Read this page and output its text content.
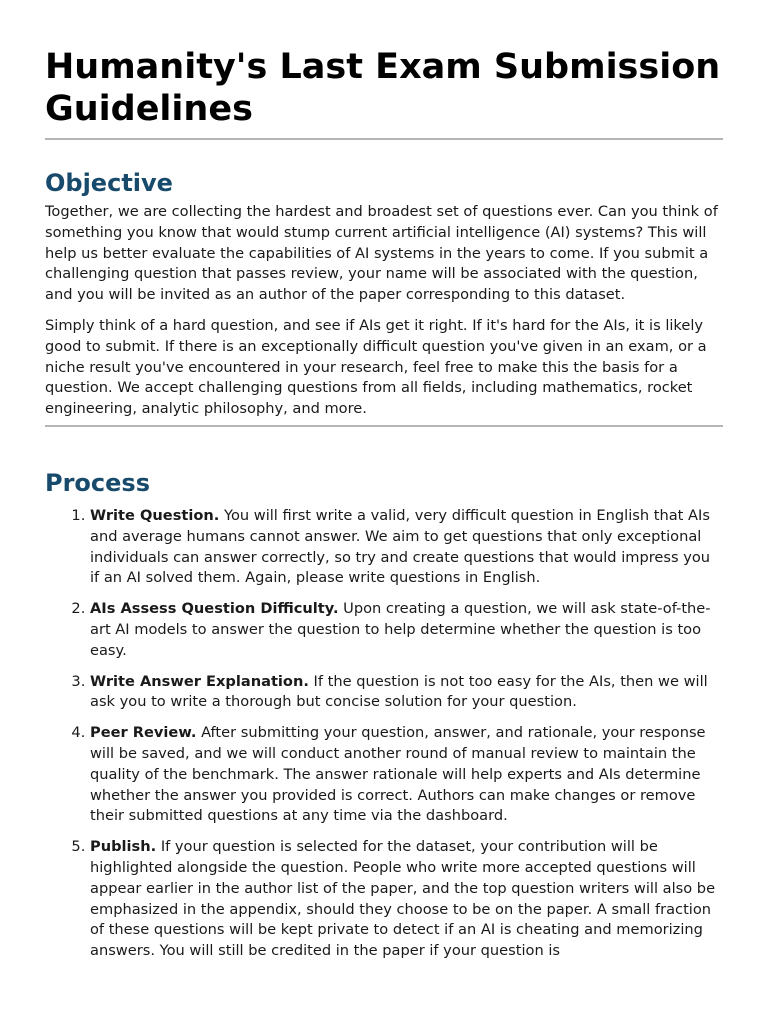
Humanity's Last Exam Submission Guidelines
Objective

Together, we are collecting the hardest and broadest set of questions ever. Can you think of something you know that would stump current artificial intelligence (AI) systems? This will help us better evaluate the capabilities of AI systems in the years to come. If you submit a challenging question that passes review, your name will be associated with the question, and you will be invited as an author of the paper corresponding to this dataset.

Simply think of a hard question, and see if AIs get it right. If it's hard for the AIs, it is likely good to submit. If there is an exceptionally difficult question you've given in an exam, or a niche result you've encountered in your research, feel free to make this the basis for a question. We accept challenging questions from all fields, including mathematics, rocket engineering, analytic philosophy, and more.

Process
1. Write Question. You will first write a valid, very difficult question in English that AIs and average humans cannot answer. We aim to get questions that only exceptional individuals can answer correctly, so try and create questions that would impress you if an AI solved them. Again, please write questions in English.
2. AIs Assess Question Difficulty. Upon creating a question, we will ask state-of-the-art AI models to answer the question to help determine whether the question is too easy.
3. Write Answer Explanation. If the question is not too easy for the AIs, then we will ask you to write a thorough but concise solution for your question.
4. Peer Review. After submitting your question, answer, and rationale, your response will be saved, and we will conduct another round of manual review to maintain the quality of the benchmark. The answer rationale will help experts and AIs determine whether the answer you provided is correct. Authors can make changes or remove their submitted questions at any time via the dashboard.
5. Publish. If your question is selected for the dataset, your contribution will be highlighted alongside the question. People who write more accepted questions will appear earlier in the author list of the paper, and the top question writers will also be emphasized in the appendix, should they choose to be on the paper. A small fraction of these questions will be kept private to detect if an AI is cheating and memorizing answers. You will still be credited in the paper if your question is
